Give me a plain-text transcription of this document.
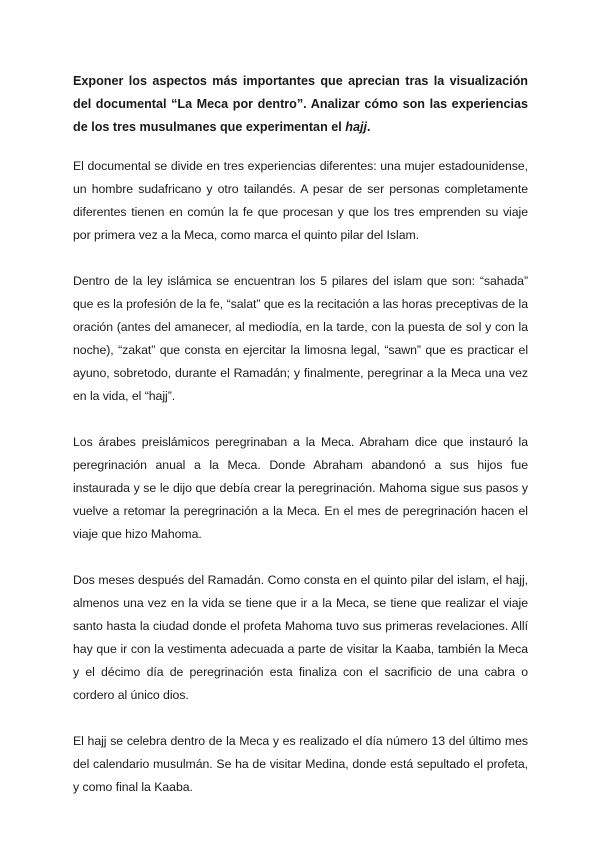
Exponer los aspectos más importantes que aprecian tras la visualización del documental “La Meca por dentro”. Analizar cómo son las experiencias de los tres musulmanes que experimentan el hajj.

El documental se divide en tres experiencias diferentes: una mujer estadounidense, un hombre sudafricano y otro tailandés. A pesar de ser personas completamente diferentes tienen en común la fe que procesan y que los tres emprenden su viaje por primera vez a la Meca, como marca el quinto pilar del Islam.

Dentro de la ley islámica se encuentran los 5 pilares del islam que son: “sahada” que es la profesión de la fe, “salat” que es la recitación a las horas preceptivas de la oración (antes del amanecer, al mediodía, en la tarde, con la puesta de sol y con la noche), “zakat” que consta en ejercitar la limosna legal, “sawn” que es practicar el ayuno, sobretodo, durante el Ramadán; y finalmente, peregrinar a la Meca una vez en la vida, el “hajj”.

Los árabes preislámicos peregrinaban a la Meca. Abraham dice que instauró la peregrinación anual a la Meca. Donde Abraham abandonó a sus hijos fue instaurada y se le dijo que debía crear la peregrinación. Mahoma sigue sus pasos y vuelve a retomar la peregrinación a la Meca. En el mes de peregrinación hacen el viaje que hizo Mahoma.

Dos meses después del Ramadán. Como consta en el quinto pilar del islam, el hajj, almenos una vez en la vida se tiene que ir a la Meca, se tiene que realizar el viaje santo hasta la ciudad donde el profeta Mahoma tuvo sus primeras revelaciones. Allí hay que ir con la vestimenta adecuada a parte de visitar la Kaaba, también la Meca y el décimo día de peregrinación esta finaliza con el sacrificio de una cabra o cordero al único dios.

El hajj se celebra dentro de la Meca y es realizado el día número 13 del último mes del calendario musulmán. Se ha de visitar Medina, donde está sepultado el profeta, y como final la Kaaba.
